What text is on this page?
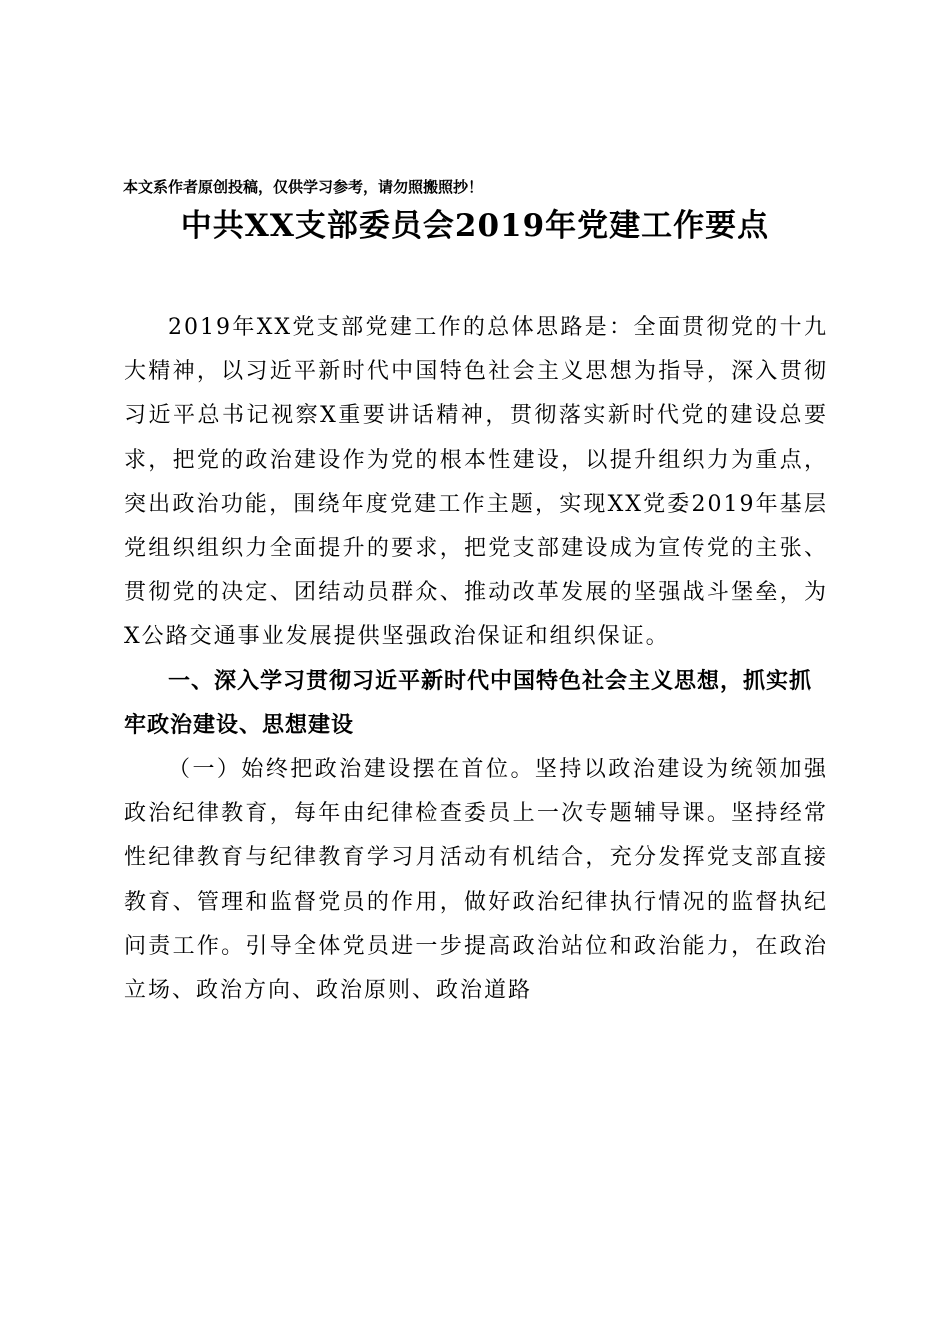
本文系作者原创投稿，仅供学习参考，请勿照搬照抄！
中共XX支部委员会2019年党建工作要点

2019年XX党支部党建工作的总体思路是：全面贯彻党的十九大精神，以习近平新时代中国特色社会主义思想为指导，深入贯彻习近平总书记视察X重要讲话精神，贯彻落实新时代党的建设总要求，把党的政治建设作为党的根本性建设，以提升组织力为重点，突出政治功能，围绕年度党建工作主题，实现XX党委2019年基层党组织组织力全面提升的要求，把党支部建设成为宣传党的主张、贯彻党的决定、团结动员群众、推动改革发展的坚强战斗堡垒，为X公路交通事业发展提供坚强政治保证和组织保证。

一、深入学习贯彻习近平新时代中国特色社会主义思想，抓实抓牢政治建设、思想建设

（一）始终把政治建设摆在首位。坚持以政治建设为统领加强政治纪律教育，每年由纪律检查委员上一次专题辅导课。坚持经常性纪律教育与纪律教育学习月活动有机结合，充分发挥党支部直接教育、管理和监督党员的作用，做好政治纪律执行情况的监督执纪问责工作。引导全体党员进一步提高政治站位和政治能力，在政治立场、政治方向、政治原则、政治道路
